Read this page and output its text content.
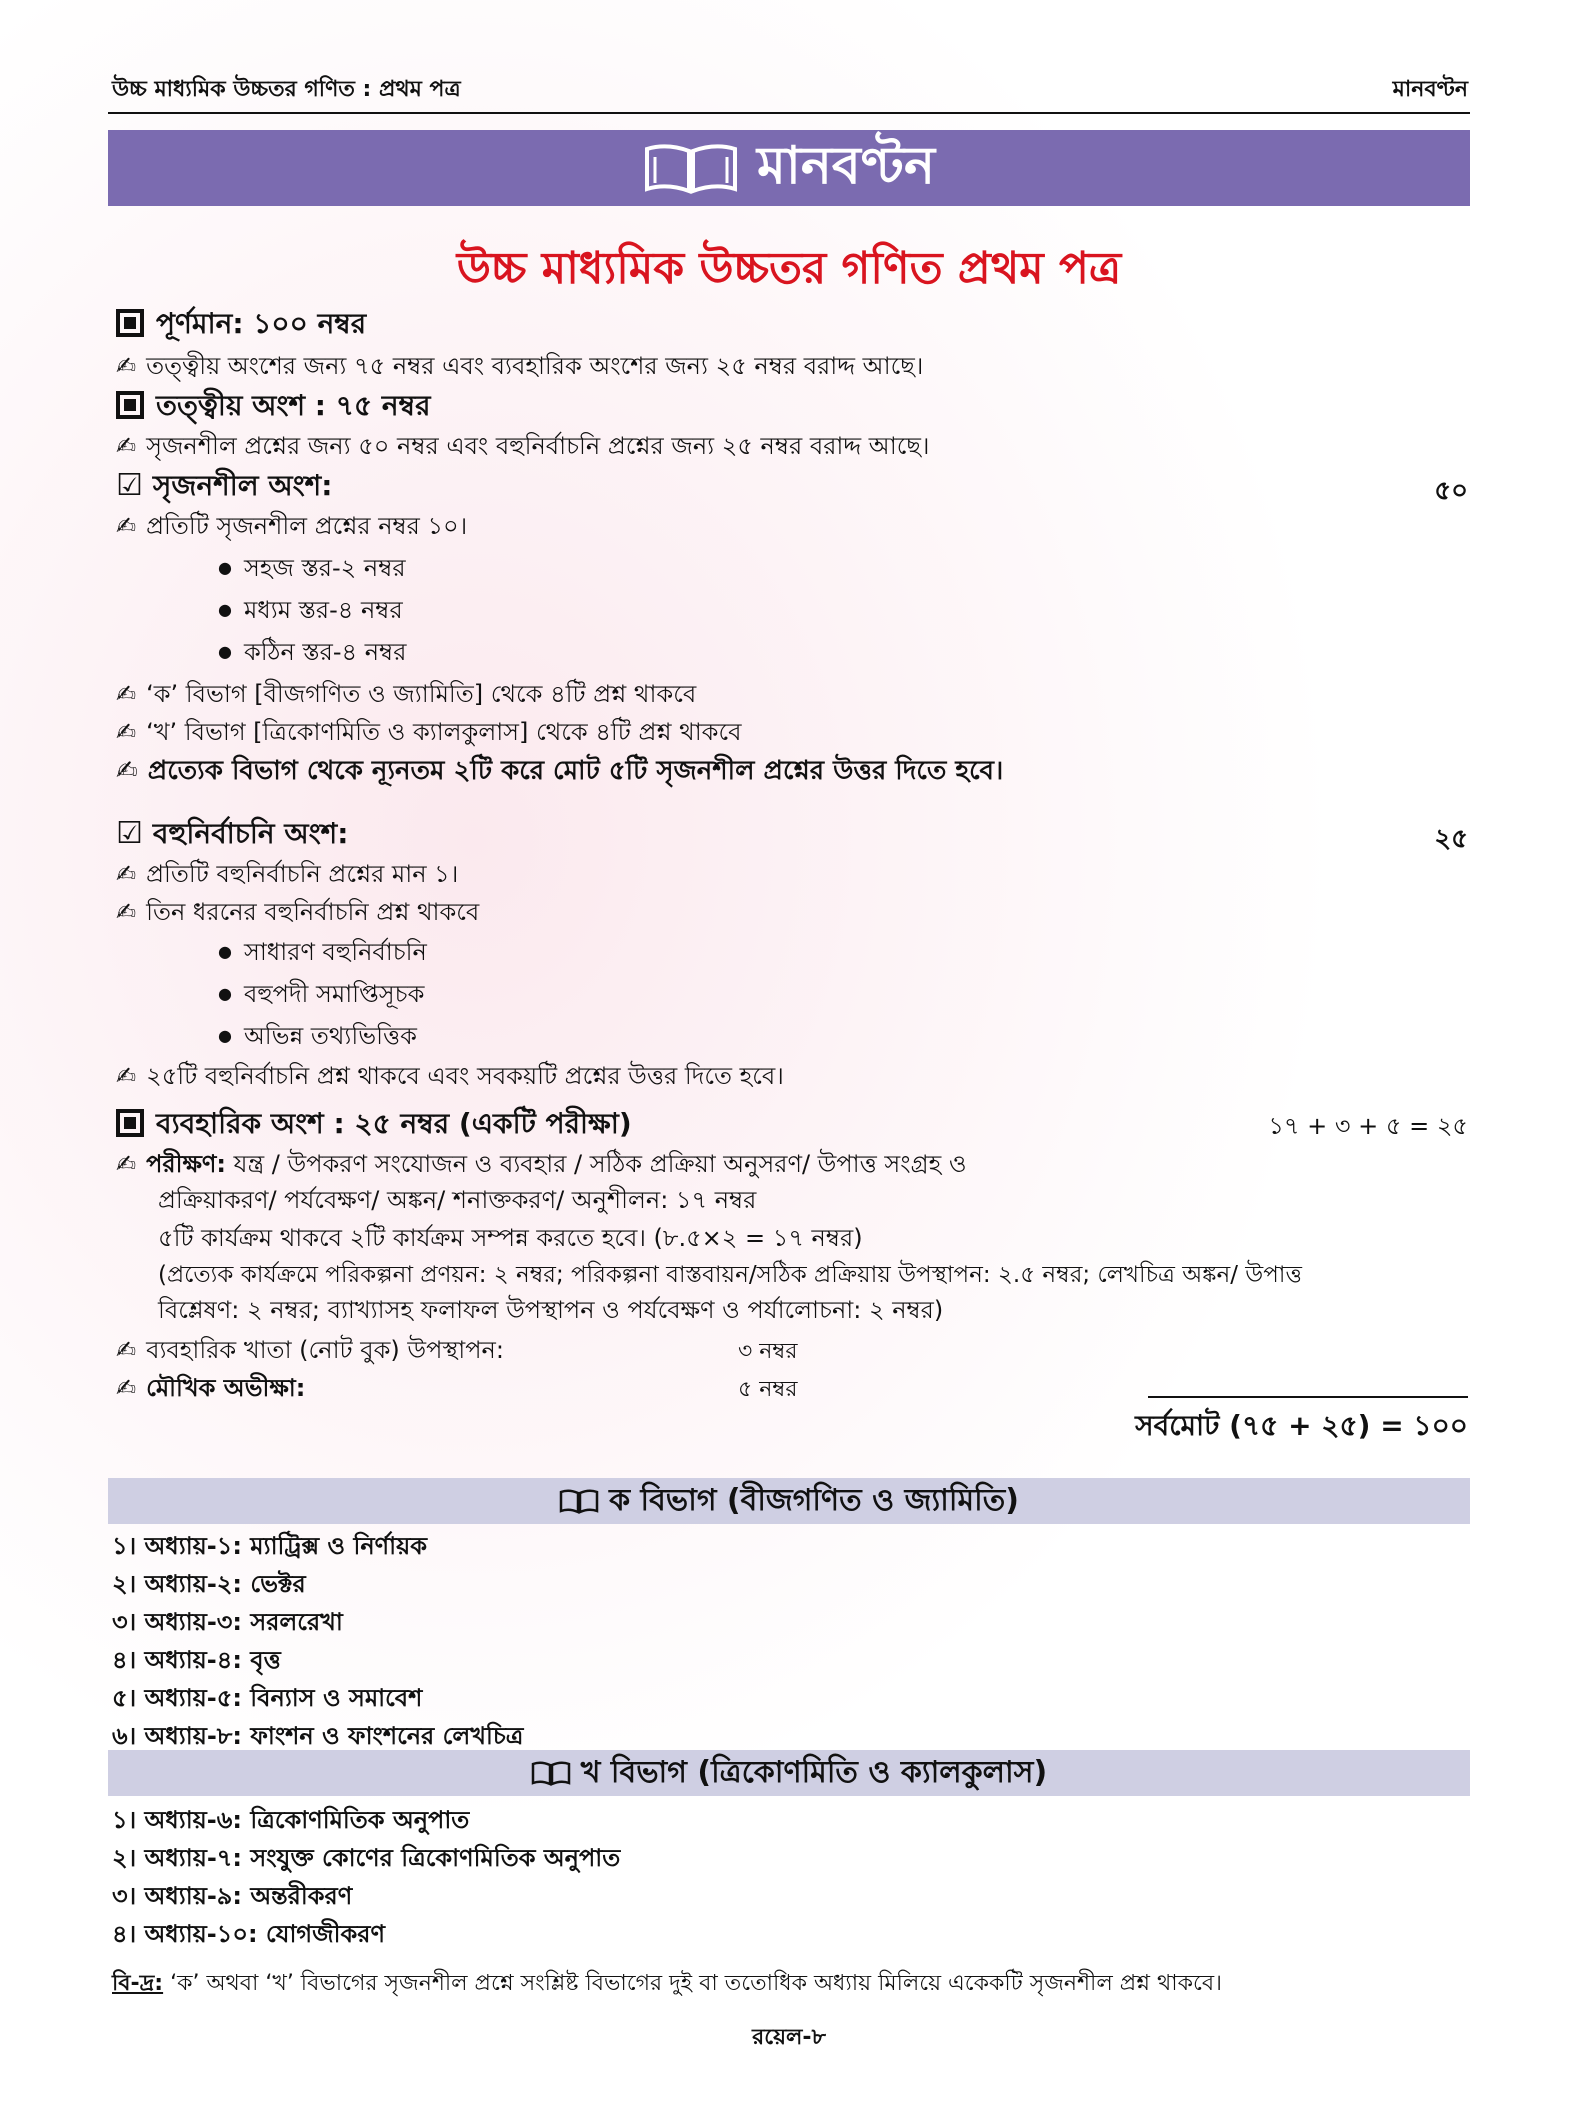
উচ্চ মাধ্যমিক উচ্চতর গণিত : প্রথম পত্র	মানবণ্টন
মানবণ্টন
উচ্চ মাধ্যমিক উচ্চতর গণিত প্রথম পত্র
পূর্ণমান: ১০০ নম্বর
✍ তত্ত্বীয় অংশের জন্য ৭৫ নম্বর এবং ব্যবহারিক অংশের জন্য ২৫ নম্বর বরাদ্দ আছে।
তত্ত্বীয় অংশ : ৭৫ নম্বর
✍ সৃজনশীল প্রশ্নের জন্য ৫০ নম্বর এবং বহুনির্বাচনি প্রশ্নের জন্য ২৫ নম্বর বরাদ্দ আছে।
☑ সৃজনশীল অংশ:	৫০
✍ প্রতিটি সৃজনশীল প্রশ্নের নম্বর ১০।
● সহজ স্তর-২ নম্বর
● মধ্যম স্তর-৪ নম্বর
● কঠিন স্তর-৪ নম্বর
✍ ‘ক’ বিভাগ [বীজগণিত ও জ্যামিতি] থেকে ৪টি প্রশ্ন থাকবে
✍ ‘খ’ বিভাগ [ত্রিকোণমিতি ও ক্যালকুলাস] থেকে ৪টি প্রশ্ন থাকবে
✍ প্রত্যেক বিভাগ থেকে ন্যূনতম ২টি করে মোট ৫টি সৃজনশীল প্রশ্নের উত্তর দিতে হবে।
☑ বহুনির্বাচনি অংশ:	২৫
✍ প্রতিটি বহুনির্বাচনি প্রশ্নের মান ১।
✍ তিন ধরনের বহুনির্বাচনি প্রশ্ন থাকবে
● সাধারণ বহুনির্বাচনি
● বহুপদী সমাপ্তিসূচক
● অভিন্ন তথ্যভিত্তিক
✍ ২৫টি বহুনির্বাচনি প্রশ্ন থাকবে এবং সবকয়টি প্রশ্নের উত্তর দিতে হবে।
ব্যবহারিক অংশ : ২৫ নম্বর (একটি পরীক্ষা)	১৭ + ৩ + ৫ = ২৫
✍ পরীক্ষণ: যন্ত্র / উপকরণ সংযোজন ও ব্যবহার / সঠিক প্রক্রিয়া অনুসরণ/ উপাত্ত সংগ্রহ ও
প্রক্রিয়াকরণ/ পর্যবেক্ষণ/ অঙ্কন/ শনাক্তকরণ/ অনুশীলন: ১৭ নম্বর
৫টি কার্যক্রম থাকবে ২টি কার্যক্রম সম্পন্ন করতে হবে। (৮.৫×২ = ১৭ নম্বর)
(প্রত্যেক কার্যক্রমে পরিকল্পনা প্রণয়ন: ২ নম্বর; পরিকল্পনা বাস্তবায়ন/সঠিক প্রক্রিয়ায় উপস্থাপন: ২.৫ নম্বর; লেখচিত্র অঙ্কন/ উপাত্ত
বিশ্লেষণ: ২ নম্বর; ব্যাখ্যাসহ ফলাফল উপস্থাপন ও পর্যবেক্ষণ ও পর্যালোচনা: ২ নম্বর)
✍ ব্যবহারিক খাতা (নোট বুক) উপস্থাপন:	৩ নম্বর
✍ মৌখিক অভীক্ষা:	৫ নম্বর
সর্বমোট (৭৫ + ২৫) = ১০০
ক বিভাগ (বীজগণিত ও জ্যামিতি)
১। অধ্যায়-১: ম্যাট্রিক্স ও নির্ণায়ক
২। অধ্যায়-২: ভেক্টর
৩। অধ্যায়-৩: সরলরেখা
৪। অধ্যায়-৪: বৃত্ত
৫। অধ্যায়-৫: বিন্যাস ও সমাবেশ
৬। অধ্যায়-৮: ফাংশন ও ফাংশনের লেখচিত্র
খ বিভাগ (ত্রিকোণমিতি ও ক্যালকুলাস)
১। অধ্যায়-৬: ত্রিকোণমিতিক অনুপাত
২। অধ্যায়-৭: সংযুক্ত কোণের ত্রিকোণমিতিক অনুপাত
৩। অধ্যায়-৯: অন্তরীকরণ
৪। অধ্যায়-১০: যোগজীকরণ
বি-দ্র: ‘ক’ অথবা ‘খ’ বিভাগের সৃজনশীল প্রশ্নে সংশ্লিষ্ট বিভাগের দুই বা ততোধিক অধ্যায় মিলিয়ে একেকটি সৃজনশীল প্রশ্ন থাকবে।
রয়েল-৮
